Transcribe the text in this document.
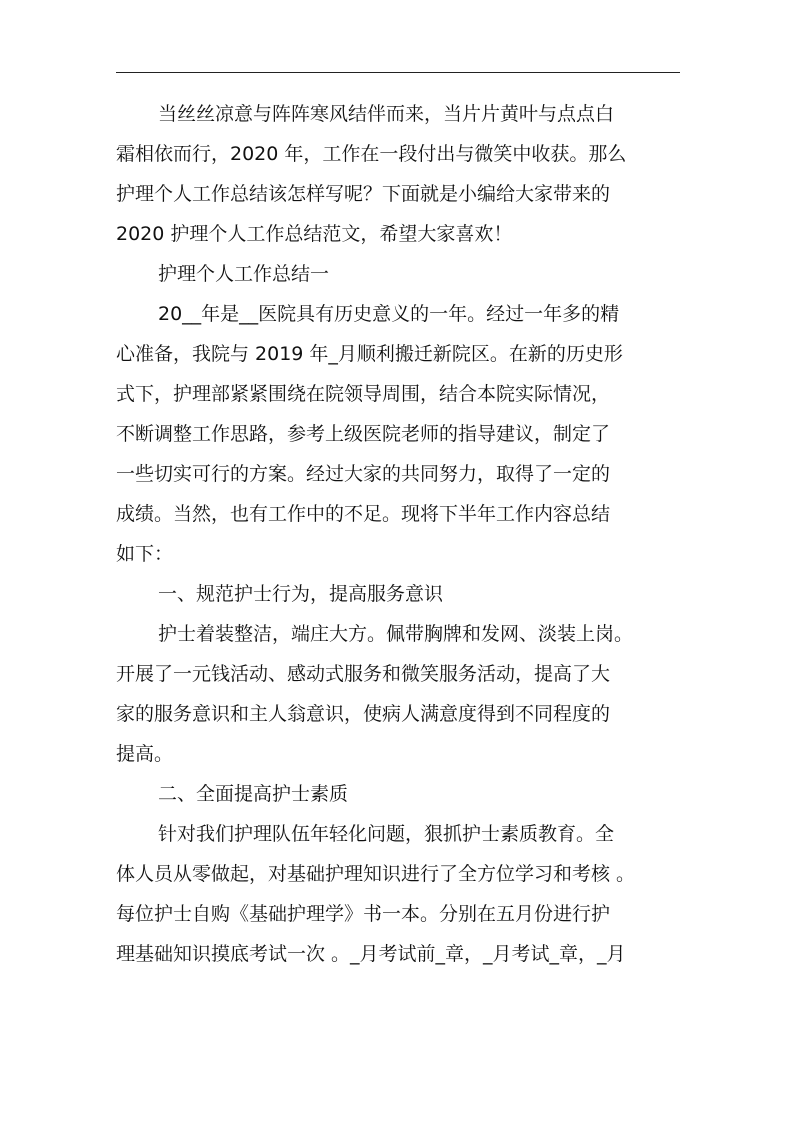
当丝丝凉意与阵阵寒风结伴而来，当片片黄叶与点点白
霜相依而行，2020 年，工作在一段付出与微笑中收获。那么
护理个人工作总结该怎样写呢？下面就是小编给大家带来的
2020 护理个人工作总结范文，希望大家喜欢！
护理个人工作总结一
20__年是__医院具有历史意义的一年。经过一年多的精
心准备，我院与 2019 年_月顺利搬迁新院区。在新的历史形
式下，护理部紧紧围绕在院领导周围，结合本院实际情况，
不断调整工作思路，参考上级医院老师的指导建议，制定了
一些切实可行的方案。经过大家的共同努力，取得了一定的
成绩。当然，也有工作中的不足。现将下半年工作内容总结
如下：
一、规范护士行为，提高服务意识
护士着装整洁，端庄大方。佩带胸牌和发网、淡装上岗。
开展了一元钱活动、感动式服务和微笑服务活动，提高了大
家的服务意识和主人翁意识，使病人满意度得到不同程度的
提高。
二、全面提高护士素质
针对我们护理队伍年轻化问题，狠抓护士素质教育。全
体人员从零做起，对基础护理知识进行了全方位学习和考核 。
每位护士自购《基础护理学》书一本。分别在五月份进行护
理基础知识摸底考试一次 。_月考试前_章，_月考试_章，_月
